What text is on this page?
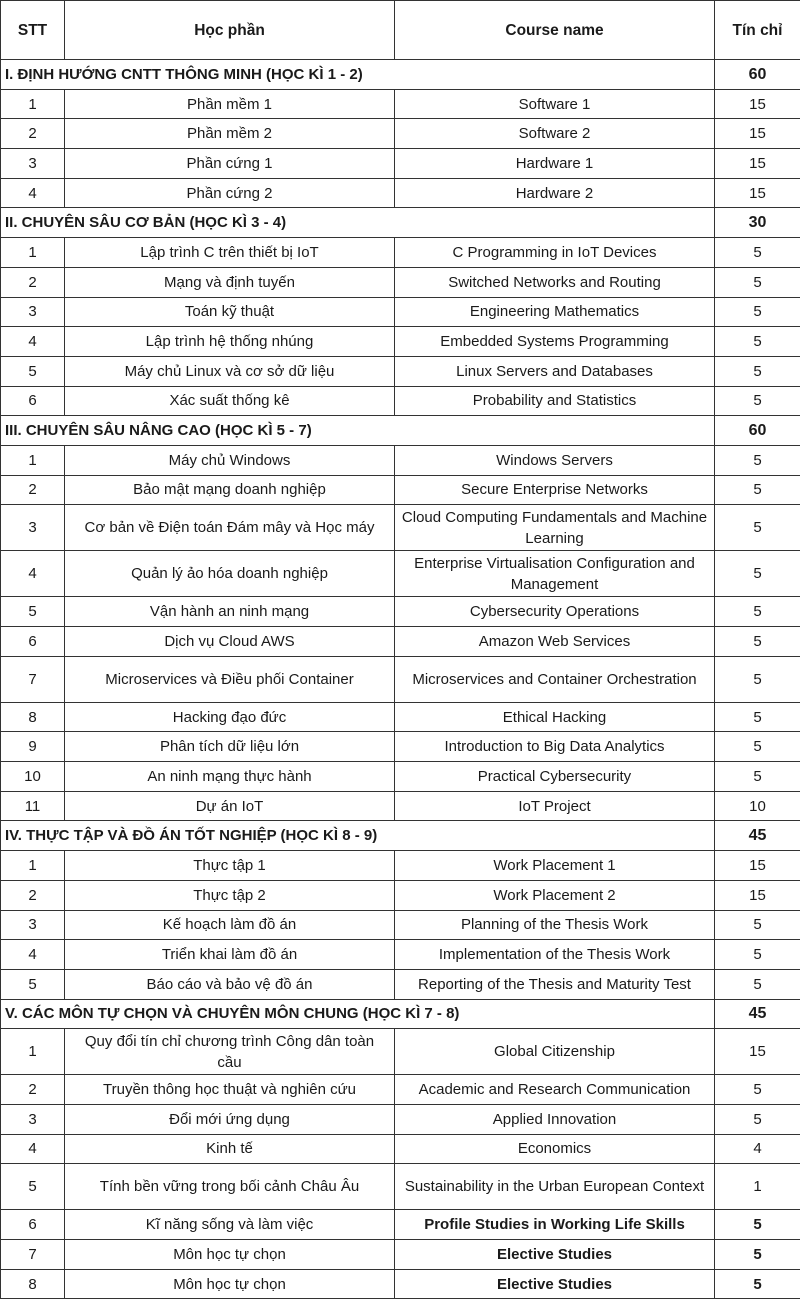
STT	Học phần	Course name	Tín chỉ
I. ĐỊNH HƯỚNG CNTT THÔNG MINH (HỌC KÌ 1 - 2)			60
1	Phần mềm 1	Software 1	15
2	Phần mềm 2	Software 2	15
3	Phần cứng 1	Hardware 1	15
4	Phần cứng 2	Hardware 2	15
II. CHUYÊN SÂU CƠ BẢN (HỌC KÌ 3 - 4)			30
1	Lập trình C trên thiết bị IoT	C Programming in IoT Devices	5
2	Mạng và định tuyến	Switched Networks and Routing	5
3	Toán kỹ thuật	Engineering Mathematics	5
4	Lập trình hệ thống nhúng	Embedded Systems Programming	5
5	Máy chủ Linux và cơ sở dữ liệu	Linux Servers and Databases	5
6	Xác suất thống kê	Probability and Statistics	5
III. CHUYÊN SÂU NÂNG CAO (HỌC KÌ 5 - 7)			60
1	Máy chủ Windows	Windows Servers	5
2	Bảo mật mạng doanh nghiệp	Secure Enterprise Networks	5
3	Cơ bản về Điện toán Đám mây và Học máy	Cloud Computing Fundamentals and Machine Learning	5
4	Quản lý ảo hóa doanh nghiệp	Enterprise Virtualisation Configuration and Management	5
5	Vận hành an ninh mạng	Cybersecurity Operations	5
6	Dịch vụ Cloud AWS	Amazon Web Services	5
7	Microservices và Điều phối Container	Microservices and Container Orchestration	5
8	Hacking đạo đức	Ethical Hacking	5
9	Phân tích dữ liệu lớn	Introduction to Big Data Analytics	5
10	An ninh mạng thực hành	Practical Cybersecurity	5
11	Dự án IoT	IoT Project	10
IV. THỰC TẬP VÀ ĐỒ ÁN TỐT NGHIỆP (HỌC KÌ 8 - 9)			45
1	Thực tập 1	Work Placement 1	15
2	Thực tập 2	Work Placement 2	15
3	Kế hoạch làm đồ án	Planning of the Thesis Work	5
4	Triển khai làm đồ án	Implementation of the Thesis Work	5
5	Báo cáo và bảo vệ đồ án	Reporting of the Thesis and Maturity Test	5
V. CÁC MÔN TỰ CHỌN VÀ CHUYÊN MÔN CHUNG (HỌC KÌ 7 - 8)			45
1	Quy đổi tín chỉ chương trình Công dân toàn cầu	Global Citizenship	15
2	Truyền thông học thuật và nghiên cứu	Academic and Research Communication	5
3	Đổi mới ứng dụng	Applied Innovation	5
4	Kinh tế	Economics	4
5	Tính bền vững trong bối cảnh Châu Âu	Sustainability in the Urban European Context	1
6	Kĩ năng sống và làm việc	Profile Studies in Working Life Skills	5
7	Môn học tự chọn	Elective Studies	5
8	Môn học tự chọn	Elective Studies	5
